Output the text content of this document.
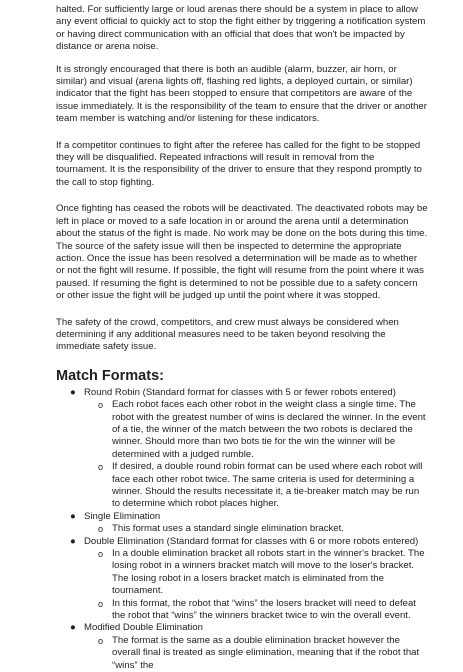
halted. For sufficiently large or loud arenas there should be a system in place to allow any event official to quickly act to stop the fight either by triggering a notification system or having direct communication with an official that does that won't be impacted by distance or arena noise.

It is strongly encouraged that there is both an audible (alarm, buzzer, air horn, or similar) and visual (arena lights off, flashing red lights, a deployed curtain, or similar) indicator that the fight has been stopped to ensure that competitors are aware of the issue immediately. It is the responsibility of the team to ensure that the driver or another team member is watching and/or listening for these indicators.

If a competitor continues to fight after the referee has called for the fight to be stopped they will be disqualified. Repeated infractions will result in removal from the tournament. It is the responsibility of the driver to ensure that they respond promptly to the call to stop fighting.

Once fighting has ceased the robots will be deactivated. The deactivated robots may be left in place or moved to a safe location in or around the arena until a determination about the status of the fight is made. No work may be done on the bots during this time. The source of the safety issue will then be inspected to determine the appropriate action. Once the issue has been resolved a determination will be made as to whether or not the fight will resume. If possible, the fight will resume from the point where it was paused. If resuming the fight is determined to not be possible due to a safety concern or other issue the fight will be judged up until the point where it was stopped.

The safety of the crowd, competitors, and crew must always be considered when determining if any additional measures need to be taken beyond resolving the immediate safety issue.

Match Formats:
● Round Robin (Standard format for classes with 5 or fewer robots entered)
o Each robot faces each other robot in the weight class a single time. The robot with the greatest number of wins is declared the winner. In the event of a tie, the winner of the match between the two robots is declared the winner. Should more than two bots tie for the win the winner will be determined with a judged rumble.
o If desired, a double round robin format can be used where each robot will face each other robot twice. The same criteria is used for determining a winner. Should the results necessitate it, a tie-breaker match may be run to determine which robot places higher.
● Single Elimination
o This format uses a standard single elimination bracket.
● Double Elimination (Standard format for classes with 6 or more robots entered)
o In a double elimination bracket all robots start in the winner's bracket. The losing robot in a winners bracket match will move to the loser's bracket. The losing robot in a losers bracket match is eliminated from the tournament.
o In this format, the robot that “wins” the losers bracket will need to defeat the robot that “wins” the winners bracket twice to win the overall event.
● Modified Double Elimination
o The format is the same as a double elimination bracket however the overall final is treated as single elimination, meaning that if the robot that “wins” the
